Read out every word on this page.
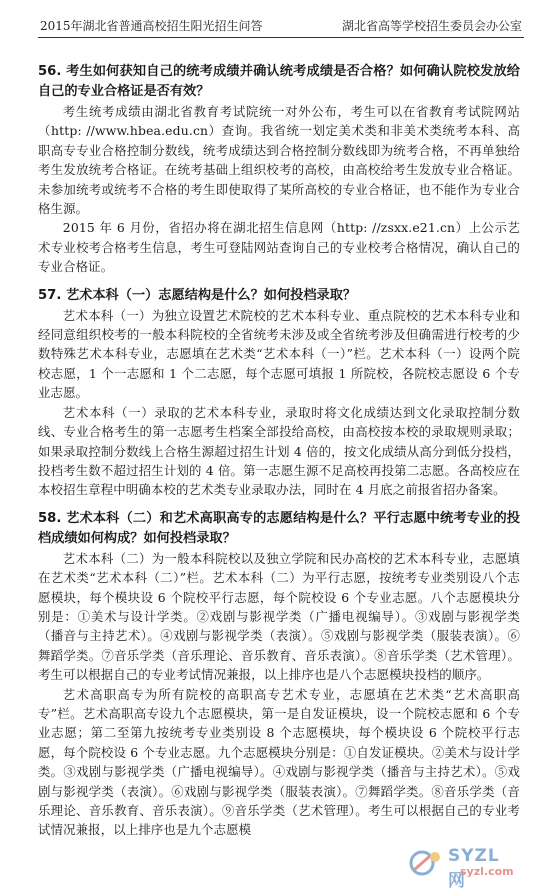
2015年湖北省普通高校招生阳光招生问答	湖北省高等学校招生委员会办公室

56. 考生如何获知自己的统考成绩并确认统考成绩是否合格？如何确认院校发放给自己的专业合格证是否有效？

考生统考成绩由湖北省教育考试院统一对外公布，考生可以在省教育考试院网站（http: //www.hbea.edu.cn）查询。我省统一划定美术类和非美术类统考本科、高职高专专业合格控制分数线，统考成绩达到合格控制分数线即为统考合格，不再单独给考生发放统考合格证。在统考基础上组织校考的高校，由高校给考生发放专业合格证。未参加统考或统考不合格的考生即使取得了某所高校的专业合格证，也不能作为专业合格生源。

2015 年 6 月份，省招办将在湖北招生信息网（http: //zsxx.e21.cn）上公示艺术专业校考合格考生信息，考生可登陆网站查询自己的专业校考合格情况，确认自己的专业合格证。

57. 艺术本科（一）志愿结构是什么？如何投档录取？

艺术本科（一）为独立设置艺术院校的艺术本科专业、重点院校的艺术本科专业和经同意组织校考的一般本科院校的全省统考未涉及或全省统考涉及但确需进行校考的少数特殊艺术本科专业，志愿填在艺术类“艺术本科（一）”栏。艺术本科（一）设两个院校志愿，1 个一志愿和 1 个二志愿，每个志愿可填报 1 所院校，各院校志愿设 6 个专业志愿。

艺术本科（一）录取的艺术本科专业，录取时将文化成绩达到文化录取控制分数线、专业合格考生的第一志愿考生档案全部投给高校，由高校按本校的录取规则录取；如果录取控制分数线上合格生源超过招生计划 4 倍的，按文化成绩从高分到低分投档，投档考生数不超过招生计划的 4 倍。第一志愿生源不足高校再投第二志愿。各高校应在本校招生章程中明确本校的艺术类专业录取办法，同时在 4 月底之前报省招办备案。

58. 艺术本科（二）和艺术高职高专的志愿结构是什么？平行志愿中统考专业的投档成绩如何构成？如何投档录取？

艺术本科（二）为一般本科院校以及独立学院和民办高校的艺术本科专业，志愿填在艺术类“艺术本科（二）”栏。艺术本科（二）为平行志愿，按统考专业类别设八个志愿模块，每个模块设 6 个院校平行志愿，每个院校设 6 个专业志愿。八个志愿模块分别是：①美术与设计学类。②戏剧与影视学类（广播电视编导）。③戏剧与影视学类（播音与主持艺术）。④戏剧与影视学类（表演）。⑤戏剧与影视学类（服装表演）。⑥舞蹈学类。⑦音乐学类（音乐理论、音乐教育、音乐表演）。⑧音乐学类（艺术管理）。考生可以根据自己的专业考试情况兼报，以上排序也是八个志愿模块投档的顺序。

艺术高职高专为所有院校的高职高专艺术专业，志愿填在艺术类“艺术高职高专”栏。艺术高职高专设九个志愿模块，第一是自发证模块，设一个院校志愿和 6 个专业志愿；第二至第九按统考专业类别设 8 个志愿模块，每个模块设 6 个院校平行志愿，每个院校设 6 个专业志愿。九个志愿模块分别是：①自发证模块。②美术与设计学类。③戏剧与影视学类（广播电视编导）。④戏剧与影视学类（播音与主持艺术）。⑤戏剧与影视学类（表演）。⑥戏剧与影视学类（服装表演）。⑦舞蹈学类。⑧音乐学类（音乐理论、音乐教育、音乐表演）。⑨音乐学类（艺术管理）。考生可以根据自己的专业考试情况兼报，以上排序也是九个志愿模

SYZL 网
syzl.com
